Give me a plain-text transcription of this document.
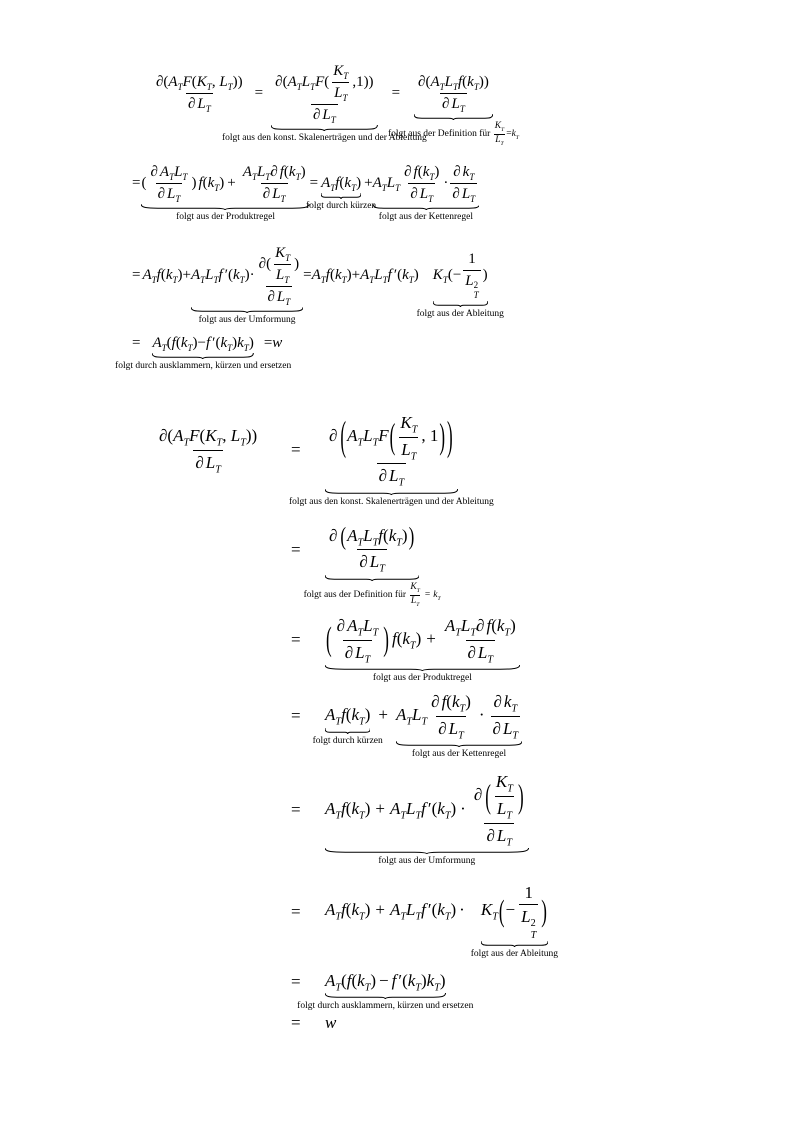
$\frac{\partial(A_TF(K_T, L_T))}{\partial L_T} = \frac{\partial(A_TL_TF( \frac{K_T}{L_T} ,1))}{\partial L_T}$
folgt aus den konst. Skalenerträgen und der Ableitung
= $\frac{\partial(A_TL_Tf(k_T))}{\partial L_T}$
folgt aus der Definition für $\frac{K_T}{L_T} =k_T$
=( $\frac{\partial A_TL_T}{\partial L_T}$ ) $f(k_T) + \frac{A_TL_T\partial f(k_T)}{\partial L_T}$
folgt aus der Produktregel
= $A_Tf(k_T)$
folgt durch kürzen
$+A_TL_T \frac{\partial f(k_T)}{\partial L_T} \cdot \frac{\partial k_T}{\partial L_T}$
folgt aus der Kettenregel
= $A_Tf(k_T)+A_TL_Tf$ $'(k_T)\cdot \frac{\partial( \frac{K_T}{L_T} )}{\partial L_T}$
folgt aus der Umformung
$=A_Tf(k_T)+A_TL_Tf$ $'(k_T)$ $K_T(- 1$
L 2
T )
folgt aus der Ableitung
= $A_T(f(k_T)-f$ $'(k_T)k_T$)
folgt durch ausklammern, kürzen und ersetzen
=w
$\frac{\partial(A_TF(K_T, L_T))}{\partial L_T}$ =	$\frac{\partial (A_TL_TF( \frac{K_T}{L_T} , 1) )}{\partial L_T}$
folgt aus den konst. Skalenerträgen und der Ableitung
=	$\frac{\partial (A_TL_Tf(k_T))}{\partial L_T}$
folgt aus der Definition für $\frac{K_T}{L_T} = k_T$
=	( $\frac{\partial A_TL_T}{\partial L_T}$ ) $f(k_T) + \frac{A_TL_T\partial f(k_T)}{\partial L_T}$
folgt aus der Produktregel
=	$A_Tf(k_T)$
folgt durch kürzen
+ $A_TL_T \frac{\partial f(k_T)}{\partial L_T} \cdot \frac{\partial k_T}{\partial L_T}$
folgt aus der Kettenregel
=	$A_Tf(k_T) + A_TL_Tf$ $'(k_T) \cdot \frac{\partial ( \frac{K_T}{L_T} )}{\partial L_T}$
folgt aus der Umformung
=	$A_Tf(k_T) + A_TL_Tf$ $'(k_T) \cdot K_T(- 1$
L 2
T )
folgt aus der Ableitung
=	$A_T(f(k_T) - f$ $'(k_T)k_T$)
folgt durch ausklammern, kürzen und ersetzen
=	w
